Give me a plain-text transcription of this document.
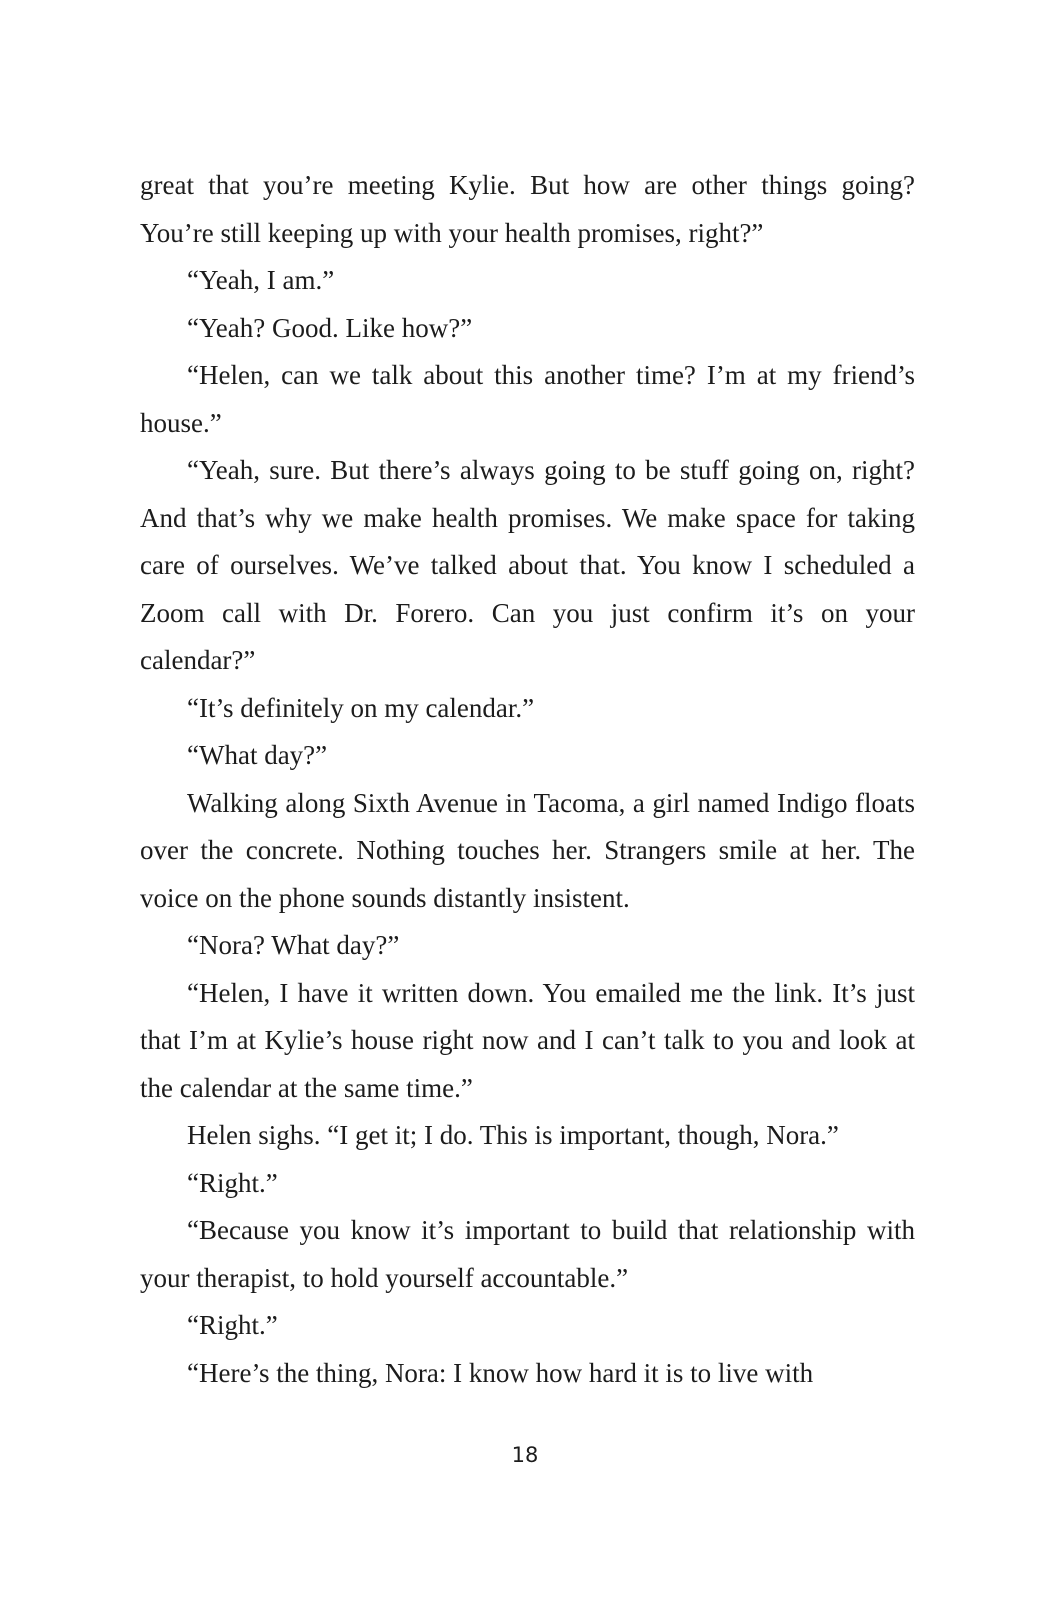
great that you’re meeting Kylie. But how are other things going? You’re still keeping up with your health promises, right?”

“Yeah, I am.”

“Yeah? Good. Like how?”

“Helen, can we talk about this another time? I’m at my friend’s house.”

“Yeah, sure. But there’s always going to be stuff going on, right? And that’s why we make health promises. We make space for taking care of ourselves. We’ve talked about that. You know I scheduled a Zoom call with Dr. Forero. Can you just confirm it’s on your calendar?”

“It’s definitely on my calendar.”

“What day?”

Walking along Sixth Avenue in Tacoma, a girl named Indigo floats over the concrete. Nothing touches her. Strangers smile at her. The voice on the phone sounds distantly insistent.

“Nora? What day?”

“Helen, I have it written down. You emailed me the link. It’s just that I’m at Kylie’s house right now and I can’t talk to you and look at the calendar at the same time.”

Helen sighs. “I get it; I do. This is important, though, Nora.”

“Right.”

“Because you know it’s important to build that relationship with your therapist, to hold yourself accountable.”

“Right.”

“Here’s the thing, Nora: I know how hard it is to live with

18
